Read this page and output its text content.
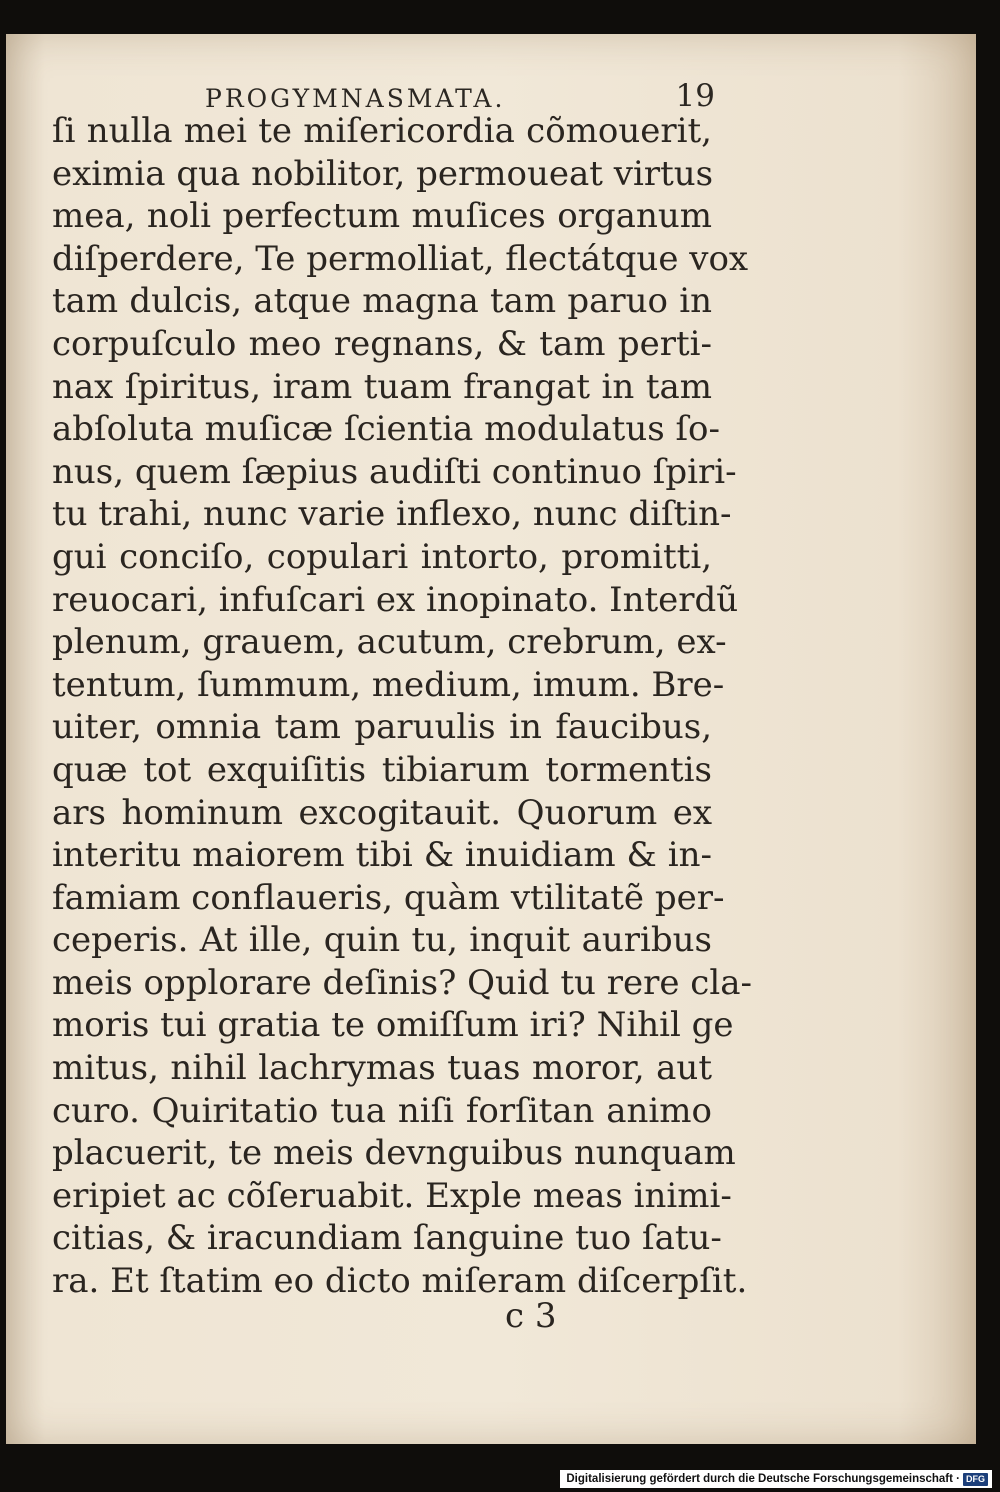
PROGYMNASMATA.	19
ſi nulla mei te miſericordia cõmouerit,
eximia qua nobilitor, permoueat virtus
mea, noli perfectum muſices organum
diſperdere, Te permolliat, flectátque vox
tam dulcis, atque magna tam paruo in
corpuſculo meo regnans, & tam perti-
nax ſpiritus, iram tuam frangat in tam
abſoluta muſicæ ſcientia modulatus ſo-
nus, quem ſæpius audiſti continuo ſpiri-
tu trahi, nunc varie inflexo, nunc diſtin-
gui conciſo, copulari intorto, promitti,
reuocari, infuſcari ex inopinato. Interdũ
plenum, grauem, acutum, crebrum, ex-
tentum, ſummum, medium, imum. Bre-
uiter, omnia tam paruulis in faucibus,
quæ tot exquiſitis tibiarum tormentis
ars hominum excogitauit. Quorum ex
interitu maiorem tibi & inuidiam & in-
famiam conflaueris, quàm vtilitatẽ per-
ceperis. At ille, quin tu, inquit auribus
meis opplorare deſinis? Quid tu rere cla-
moris tui gratia te omiſſum iri? Nihil ge
mitus, nihil lachrymas tuas moror, aut
curo. Quiritatio tua niſi forſitan animo
placuerit, te meis devnguibus nunquam
eripiet ac cõſeruabit. Exple meas inimi-
citias, & iracundiam ſanguine tuo ſatu-
ra. Et ſtatim eo dicto miſeram diſcerpſit.
c 3
Digitalisierung gefördert durch die Deutsche Forschungsgemeinschaft · DFG
